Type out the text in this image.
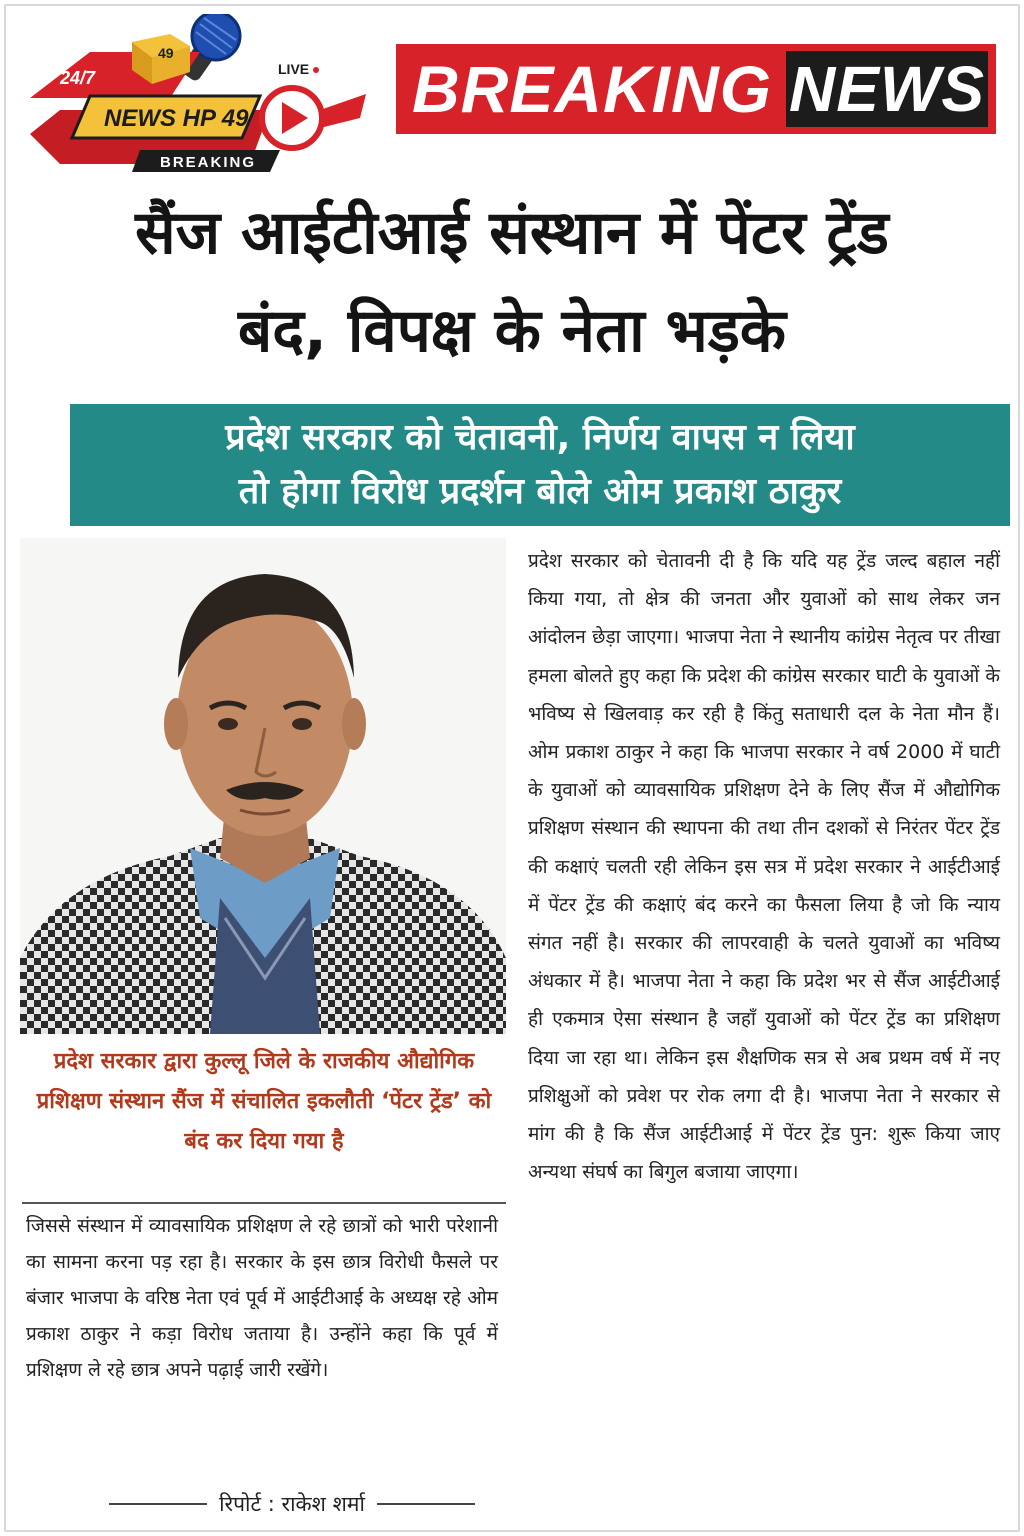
24/7
49
LIVE
NEWS HP 49
BREAKING
BREAKING NEWS
सैंज आईटीआई संस्थान में पेंटर ट्रेंड
बंद, विपक्ष के नेता भड़के
प्रदेश सरकार को चेतावनी, निर्णय वापस न लिया
तो होगा विरोध प्रदर्शन बोले ओम प्रकाश ठाकुर

प्रदेश सरकार द्वारा कुल्लू जिले के राजकीय औद्योगिक प्रशिक्षण संस्थान सैंज में संचालित इकलौती ‘पेंटर ट्रेंड’ को बंद कर दिया गया है

जिससे संस्थान में व्यावसायिक प्रशिक्षण ले रहे छात्रों को भारी परेशानी का सामना करना पड़ रहा है। सरकार के इस छात्र विरोधी फैसले पर बंजार भाजपा के वरिष्ठ नेता एवं पूर्व में आईटीआई के अध्यक्ष रहे ओम प्रकाश ठाकुर ने कड़ा विरोध जताया है। उन्होंने कहा कि पूर्व में प्रशिक्षण ले रहे छात्र अपने पढ़ाई जारी रखेंगे।

रिपोर्ट : राकेश शर्मा

प्रदेश सरकार को चेतावनी दी है कि यदि यह ट्रेंड जल्द बहाल नहीं किया गया, तो क्षेत्र की जनता और युवाओं को साथ लेकर जन आंदोलन छेड़ा जाएगा। भाजपा नेता ने स्थानीय कांग्रेस नेतृत्व पर तीखा हमला बोलते हुए कहा कि प्रदेश की कांग्रेस सरकार घाटी के युवाओं के भविष्य से खिलवाड़ कर रही है किंतु सताधारी दल के नेता मौन हैं। ओम प्रकाश ठाकुर ने कहा कि भाजपा सरकार ने वर्ष 2000 में घाटी के युवाओं को व्यावसायिक प्रशिक्षण देने के लिए सैंज में औद्योगिक प्रशिक्षण संस्थान की स्थापना की तथा तीन दशकों से निरंतर पेंटर ट्रेंड की कक्षाएं चलती रही लेकिन इस सत्र में प्रदेश सरकार ने आईटीआई में पेंटर ट्रेंड की कक्षाएं बंद करने का फैसला लिया है जो कि न्याय संगत नहीं है। सरकार की लापरवाही के चलते युवाओं का भविष्य अंधकार में है। भाजपा नेता ने कहा कि प्रदेश भर से सैंज आईटीआई ही एकमात्र ऐसा संस्थान है जहाँ युवाओं को पेंटर ट्रेंड का प्रशिक्षण दिया जा रहा था। लेकिन इस शैक्षणिक सत्र से अब प्रथम वर्ष में नए प्रशिक्षुओं को प्रवेश पर रोक लगा दी है। भाजपा नेता ने सरकार से मांग की है कि सैंज आईटीआई में पेंटर ट्रेंड पुन: शुरू किया जाए अन्यथा संघर्ष का बिगुल बजाया जाएगा।
